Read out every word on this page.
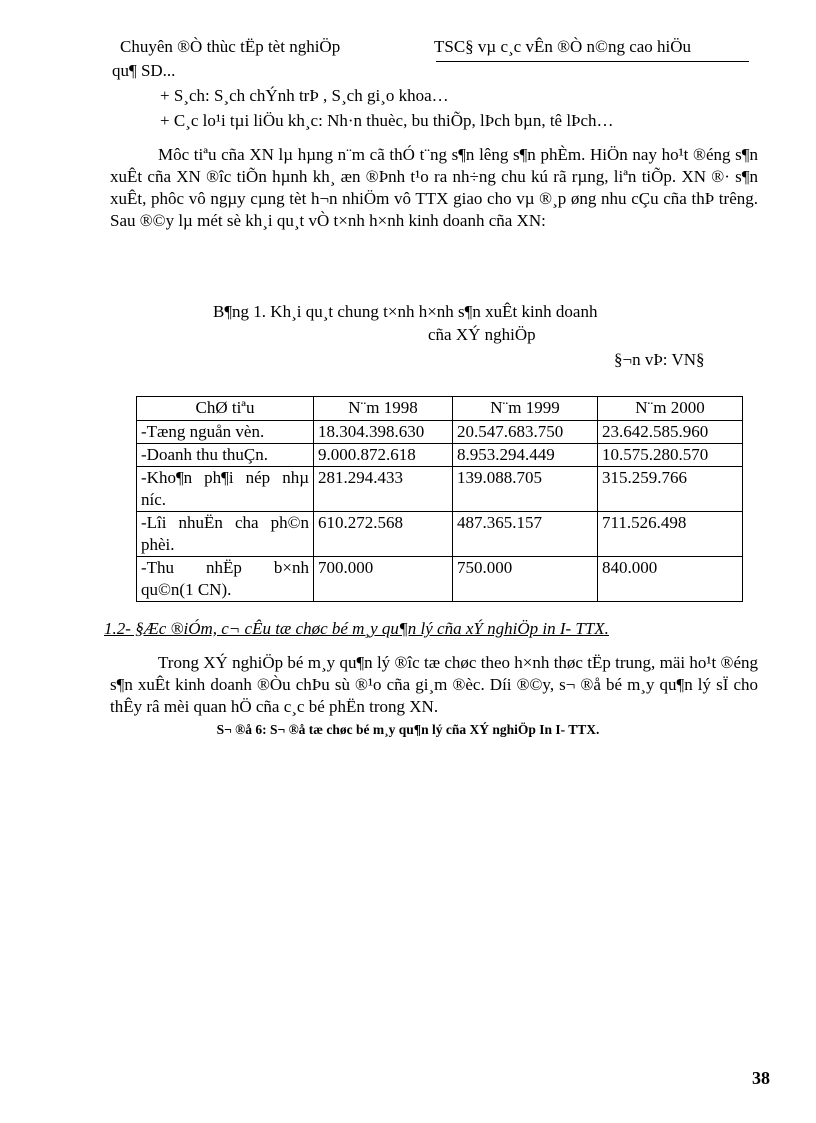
Chuyên ®Ò thùc tËp tèt nghiÖp	TSC§ vµ c¸c vÊn ®Ò n©ng cao hiÖu
qu¶ SD...
+ S¸ch: S¸ch chÝnh trÞ , S¸ch gi¸o khoa…
+ C¸c lo¹i tµi liÖu kh¸c: Nh·n thuèc, bu thiÕp, lÞch bµn, tê lÞch…
Môc tiªu cña XN lµ hµng n¨m cã thÓ t¨ng s¶n lêng s¶n phÈm. HiÖn nay ho¹t ®éng s¶n xuÊt cña XN ®îc tiÕn hµnh kh¸ æn ®Þnh t¹o ra nh÷ng chu kú rã rµng, liªn tiÕp. XN ®· s¶n xuÊt, phôc vô ngµy cµng tèt h¬n nhiÖm vô TTX giao cho vµ ®¸p øng nhu cÇu cña thÞ trêng. Sau ®©y lµ mét sè kh¸i qu¸t vÒ t×nh h×nh kinh doanh cña XN:
B¶ng 1. Kh¸i qu¸t chung t×nh h×nh s¶n xuÊt kinh doanh
cña XÝ nghiÖp
§¬n vÞ: VN§
ChØ tiªu	N¨m 1998	N¨m 1999	N¨m 2000
-Tæng nguån vèn.	18.304.398.630	20.547.683.750	23.642.585.960
-Doanh thu thuÇn.	9.000.872.618	8.953.294.449	10.575.280.570
-Kho¶n ph¶i nép nhµ níc.	281.294.433	139.088.705	315.259.766
-Lîi nhuËn cha ph©n phèi.	610.272.568	487.365.157	711.526.498
-Thu nhËp b×nh qu©n(1 CN).	700.000	750.000	840.000
1.2- §Æc ®iÓm, c¬ cÊu tæ chøc bé m¸y qu¶n lý cña xÝ nghiÖp in I- TTX.
Trong XÝ nghiÖp bé m¸y qu¶n lý ®îc tæ chøc theo h×nh thøc tËp trung, mäi ho¹t ®éng s¶n xuÊt kinh doanh ®Òu chÞu sù ®¹o cña gi¸m ®èc. Díi ®©y, s¬ ®å bé m¸y qu¶n lý sÏ cho thÊy râ mèi quan hÖ cña c¸c bé phËn trong XN.
S¬ ®å 6: S¬ ®å tæ chøc bé m¸y qu¶n lý cña XÝ nghiÖp In I- TTX.
38
